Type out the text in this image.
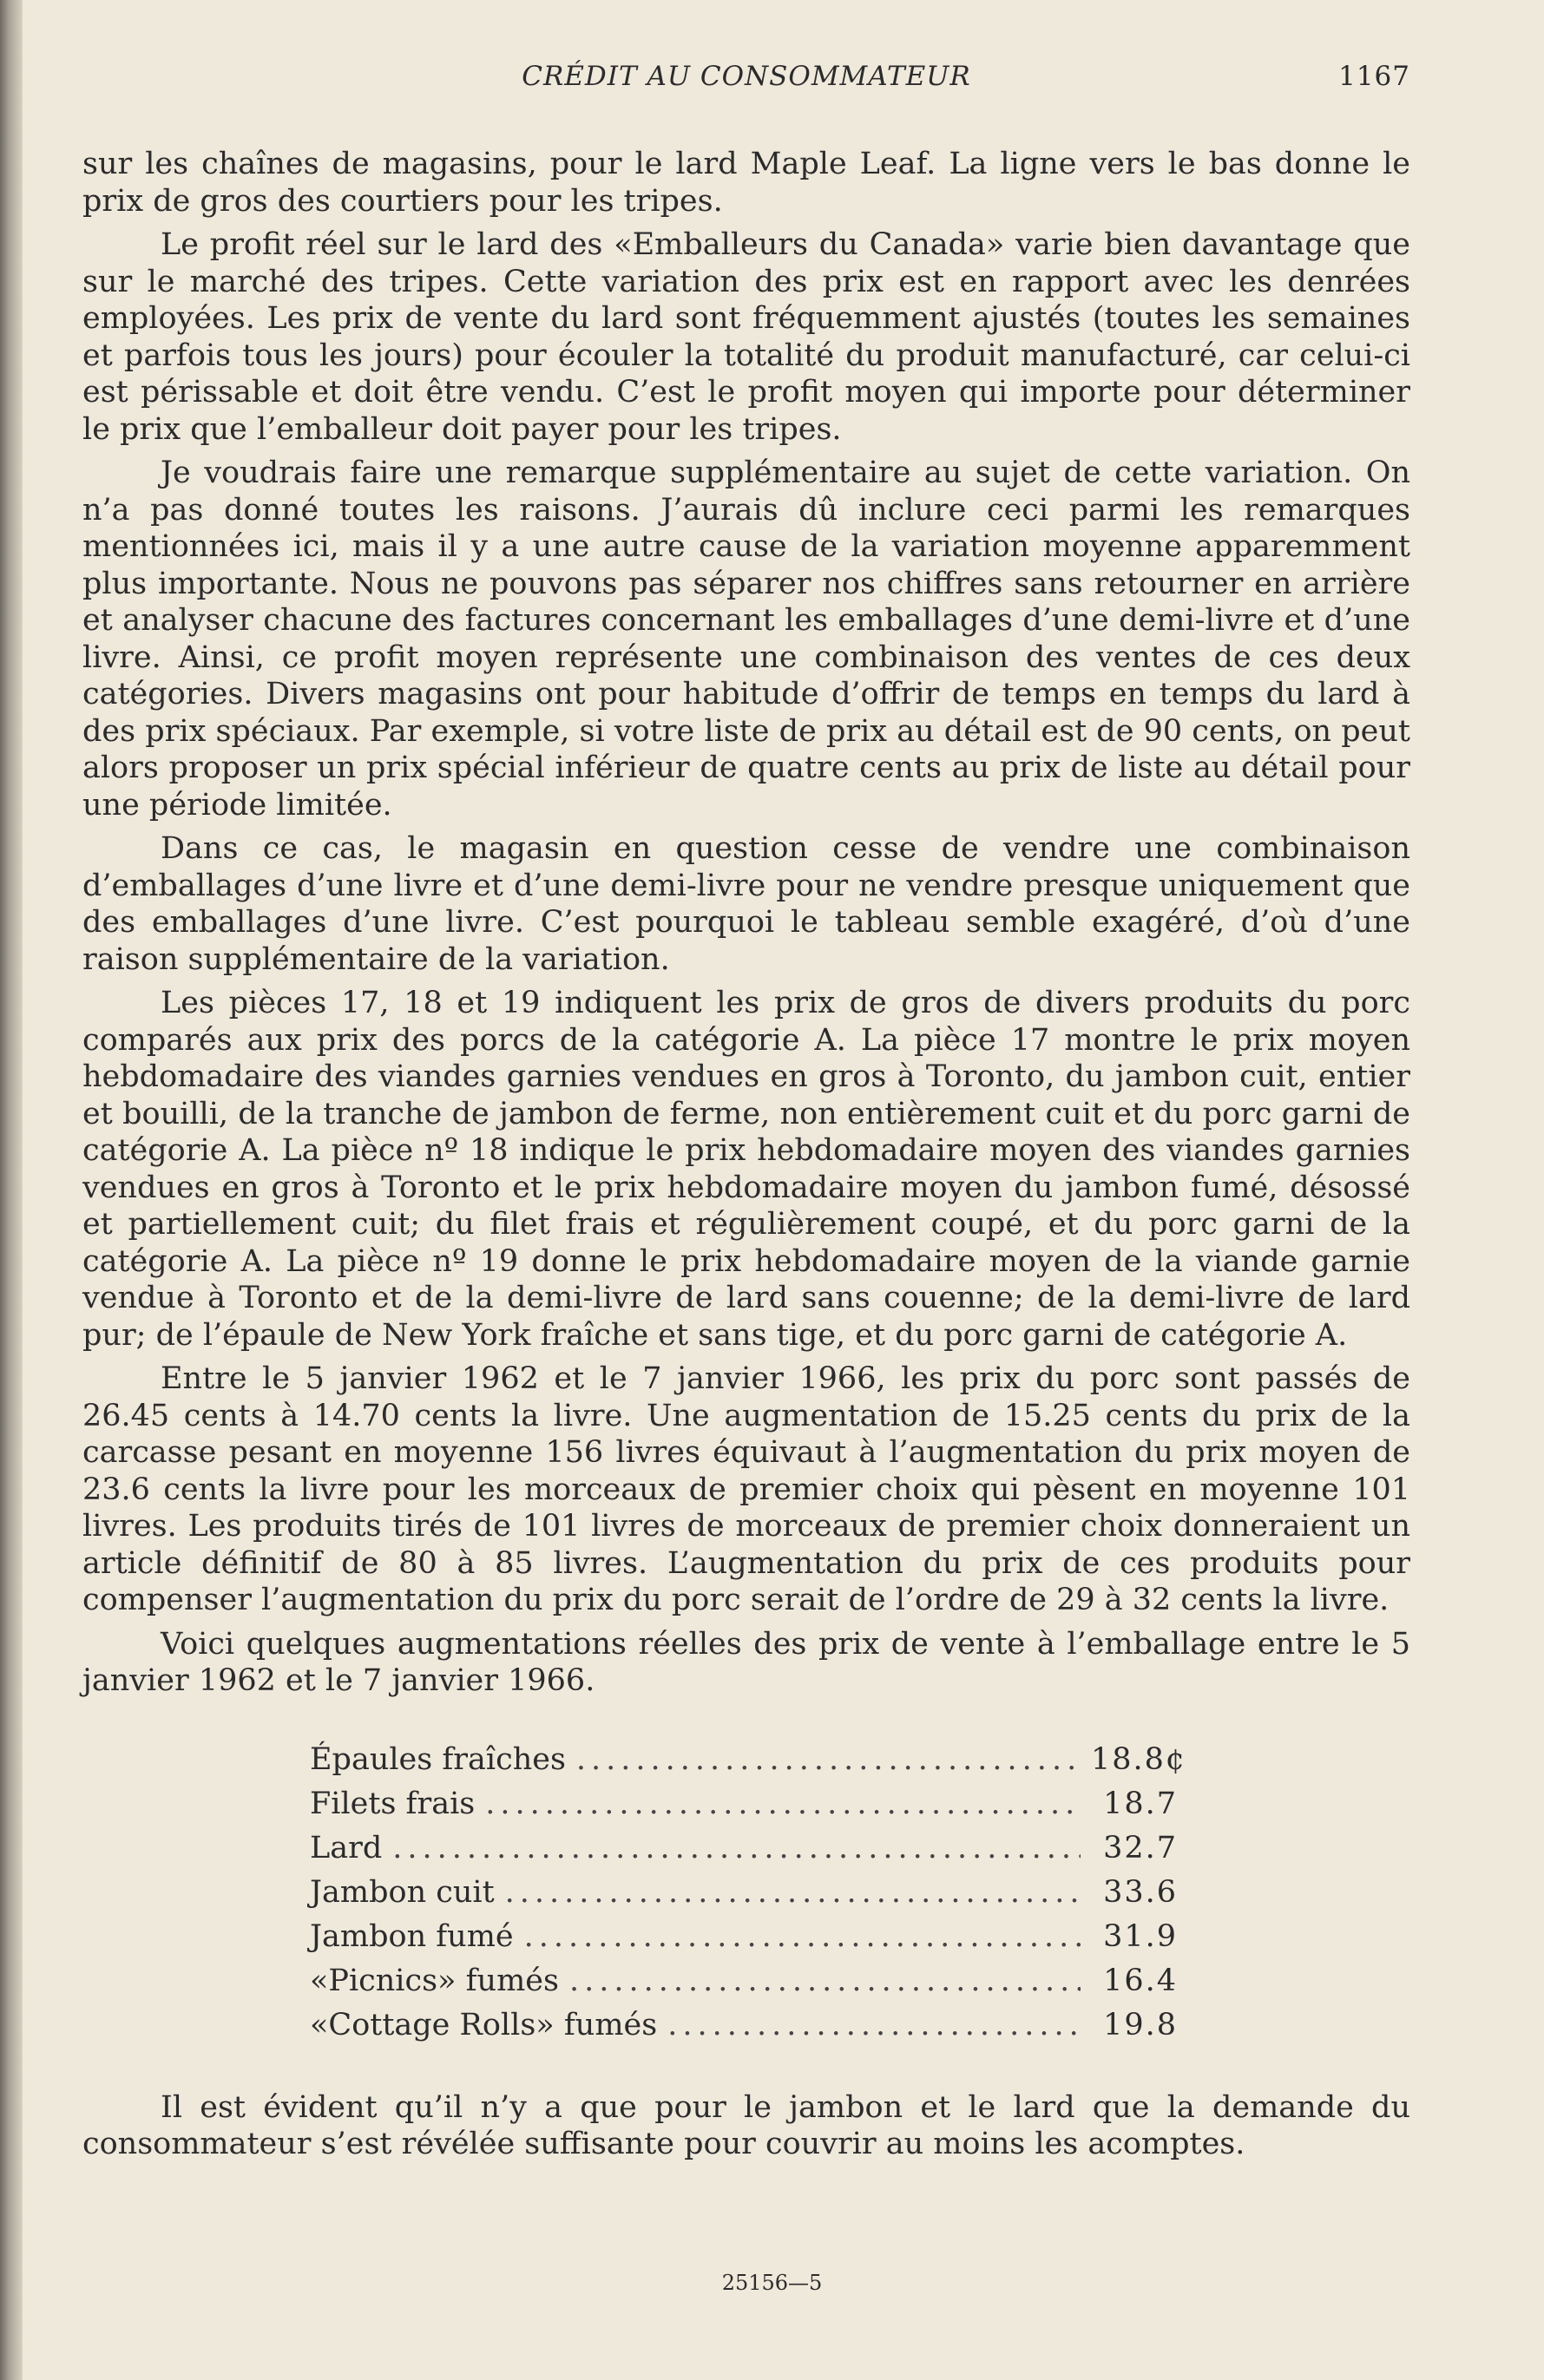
CRÉDIT AU CONSOMMATEUR	1167

sur les chaînes de magasins, pour le lard Maple Leaf. La ligne vers le bas donne le prix de gros des courtiers pour les tripes.

Le profit réel sur le lard des «Emballeurs du Canada» varie bien davantage que sur le marché des tripes. Cette variation des prix est en rapport avec les denrées employées. Les prix de vente du lard sont fréquemment ajustés (toutes les semaines et parfois tous les jours) pour écouler la totalité du produit manufacturé, car celui-ci est périssable et doit être vendu. C’est le profit moyen qui importe pour déterminer le prix que l’emballeur doit payer pour les tripes.

Je voudrais faire une remarque supplémentaire au sujet de cette variation. On n’a pas donné toutes les raisons. J’aurais dû inclure ceci parmi les remarques mentionnées ici, mais il y a une autre cause de la variation moyenne apparemment plus importante. Nous ne pouvons pas séparer nos chiffres sans retourner en arrière et analyser chacune des factures concernant les emballages d’une demi-livre et d’une livre. Ainsi, ce profit moyen représente une combinaison des ventes de ces deux catégories. Divers magasins ont pour habitude d’offrir de temps en temps du lard à des prix spéciaux. Par exemple, si votre liste de prix au détail est de 90 cents, on peut alors proposer un prix spécial inférieur de quatre cents au prix de liste au détail pour une période limitée.

Dans ce cas, le magasin en question cesse de vendre une combinaison d’emballages d’une livre et d’une demi-livre pour ne vendre presque uniquement que des emballages d’une livre. C’est pourquoi le tableau semble exagéré, d’où d’une raison supplémentaire de la variation.

Les pièces 17, 18 et 19 indiquent les prix de gros de divers produits du porc comparés aux prix des porcs de la catégorie A. La pièce 17 montre le prix moyen hebdomadaire des viandes garnies vendues en gros à Toronto, du jambon cuit, entier et bouilli, de la tranche de jambon de ferme, non entièrement cuit et du porc garni de catégorie A. La pièce nº 18 indique le prix hebdomadaire moyen des viandes garnies vendues en gros à Toronto et le prix hebdomadaire moyen du jambon fumé, désossé et partiellement cuit; du filet frais et régulièrement coupé, et du porc garni de la catégorie A. La pièce nº 19 donne le prix hebdomadaire moyen de la viande garnie vendue à Toronto et de la demi-livre de lard sans couenne; de la demi-livre de lard pur; de l’épaule de New York fraîche et sans tige, et du porc garni de catégorie A.

Entre le 5 janvier 1962 et le 7 janvier 1966, les prix du porc sont passés de 26.45 cents à 14.70 cents la livre. Une augmentation de 15.25 cents du prix de la carcasse pesant en moyenne 156 livres équivaut à l’augmentation du prix moyen de 23.6 cents la livre pour les morceaux de premier choix qui pèsent en moyenne 101 livres. Les produits tirés de 101 livres de morceaux de premier choix donneraient un article définitif de 80 à 85 livres. L’augmentation du prix de ces produits pour compenser l’augmentation du prix du porc serait de l’ordre de 29 à 32 cents la livre.

Voici quelques augmentations réelles des prix de vente à l’emballage entre le 5 janvier 1962 et le 7 janvier 1966.

Épaules fraîches .....	18.8¢
Filets frais .....	18.7
Lard .....	32.7
Jambon cuit .....	33.6
Jambon fumé .....	31.9
«Picnics» fumés .....	16.4
«Cottage Rolls» fumés .....	19.8

Il est évident qu’il n’y a que pour le jambon et le lard que la demande du consommateur s’est révélée suffisante pour couvrir au moins les acomptes.

25156—5
